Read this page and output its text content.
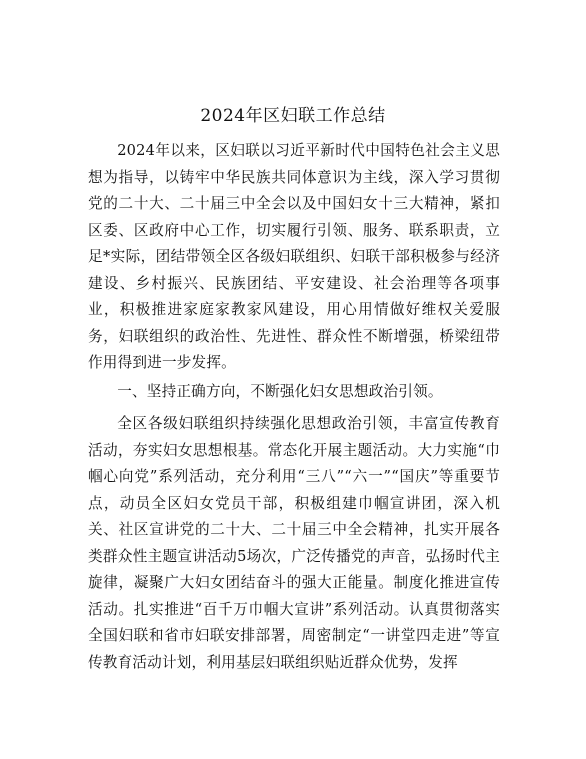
2024年区妇联工作总结

2024年以来，区妇联以习近平新时代中国特色社会主义思想为指导，以铸牢中华民族共同体意识为主线，深入学习贯彻党的二十大、二十届三中全会以及中国妇女十三大精神，紧扣区委、区政府中心工作，切实履行引领、服务、联系职责，立足*实际，团结带领全区各级妇联组织、妇联干部积极参与经济建设、乡村振兴、民族团结、平安建设、社会治理等各项事业，积极推进家庭家教家风建设，用心用情做好维权关爱服务，妇联组织的政治性、先进性、群众性不断增强，桥梁纽带作用得到进一步发挥。

一、坚持正确方向，不断强化妇女思想政治引领。

全区各级妇联组织持续强化思想政治引领，丰富宣传教育活动，夯实妇女思想根基。常态化开展主题活动。大力实施“巾帼心向党”系列活动，充分利用“三八”“六一”“国庆”等重要节点，动员全区妇女党员干部，积极组建巾帼宣讲团，深入机关、社区宣讲党的二十大、二十届三中全会精神，扎实开展各类群众性主题宣讲活动5场次，广泛传播党的声音，弘扬时代主旋律，凝聚广大妇女团结奋斗的强大正能量。制度化推进宣传活动。扎实推进“百千万巾帼大宣讲”系列活动。认真贯彻落实全国妇联和省市妇联安排部署，周密制定“一讲堂四走进”等宣传教育活动计划，利用基层妇联组织贴近群众优势，发挥
